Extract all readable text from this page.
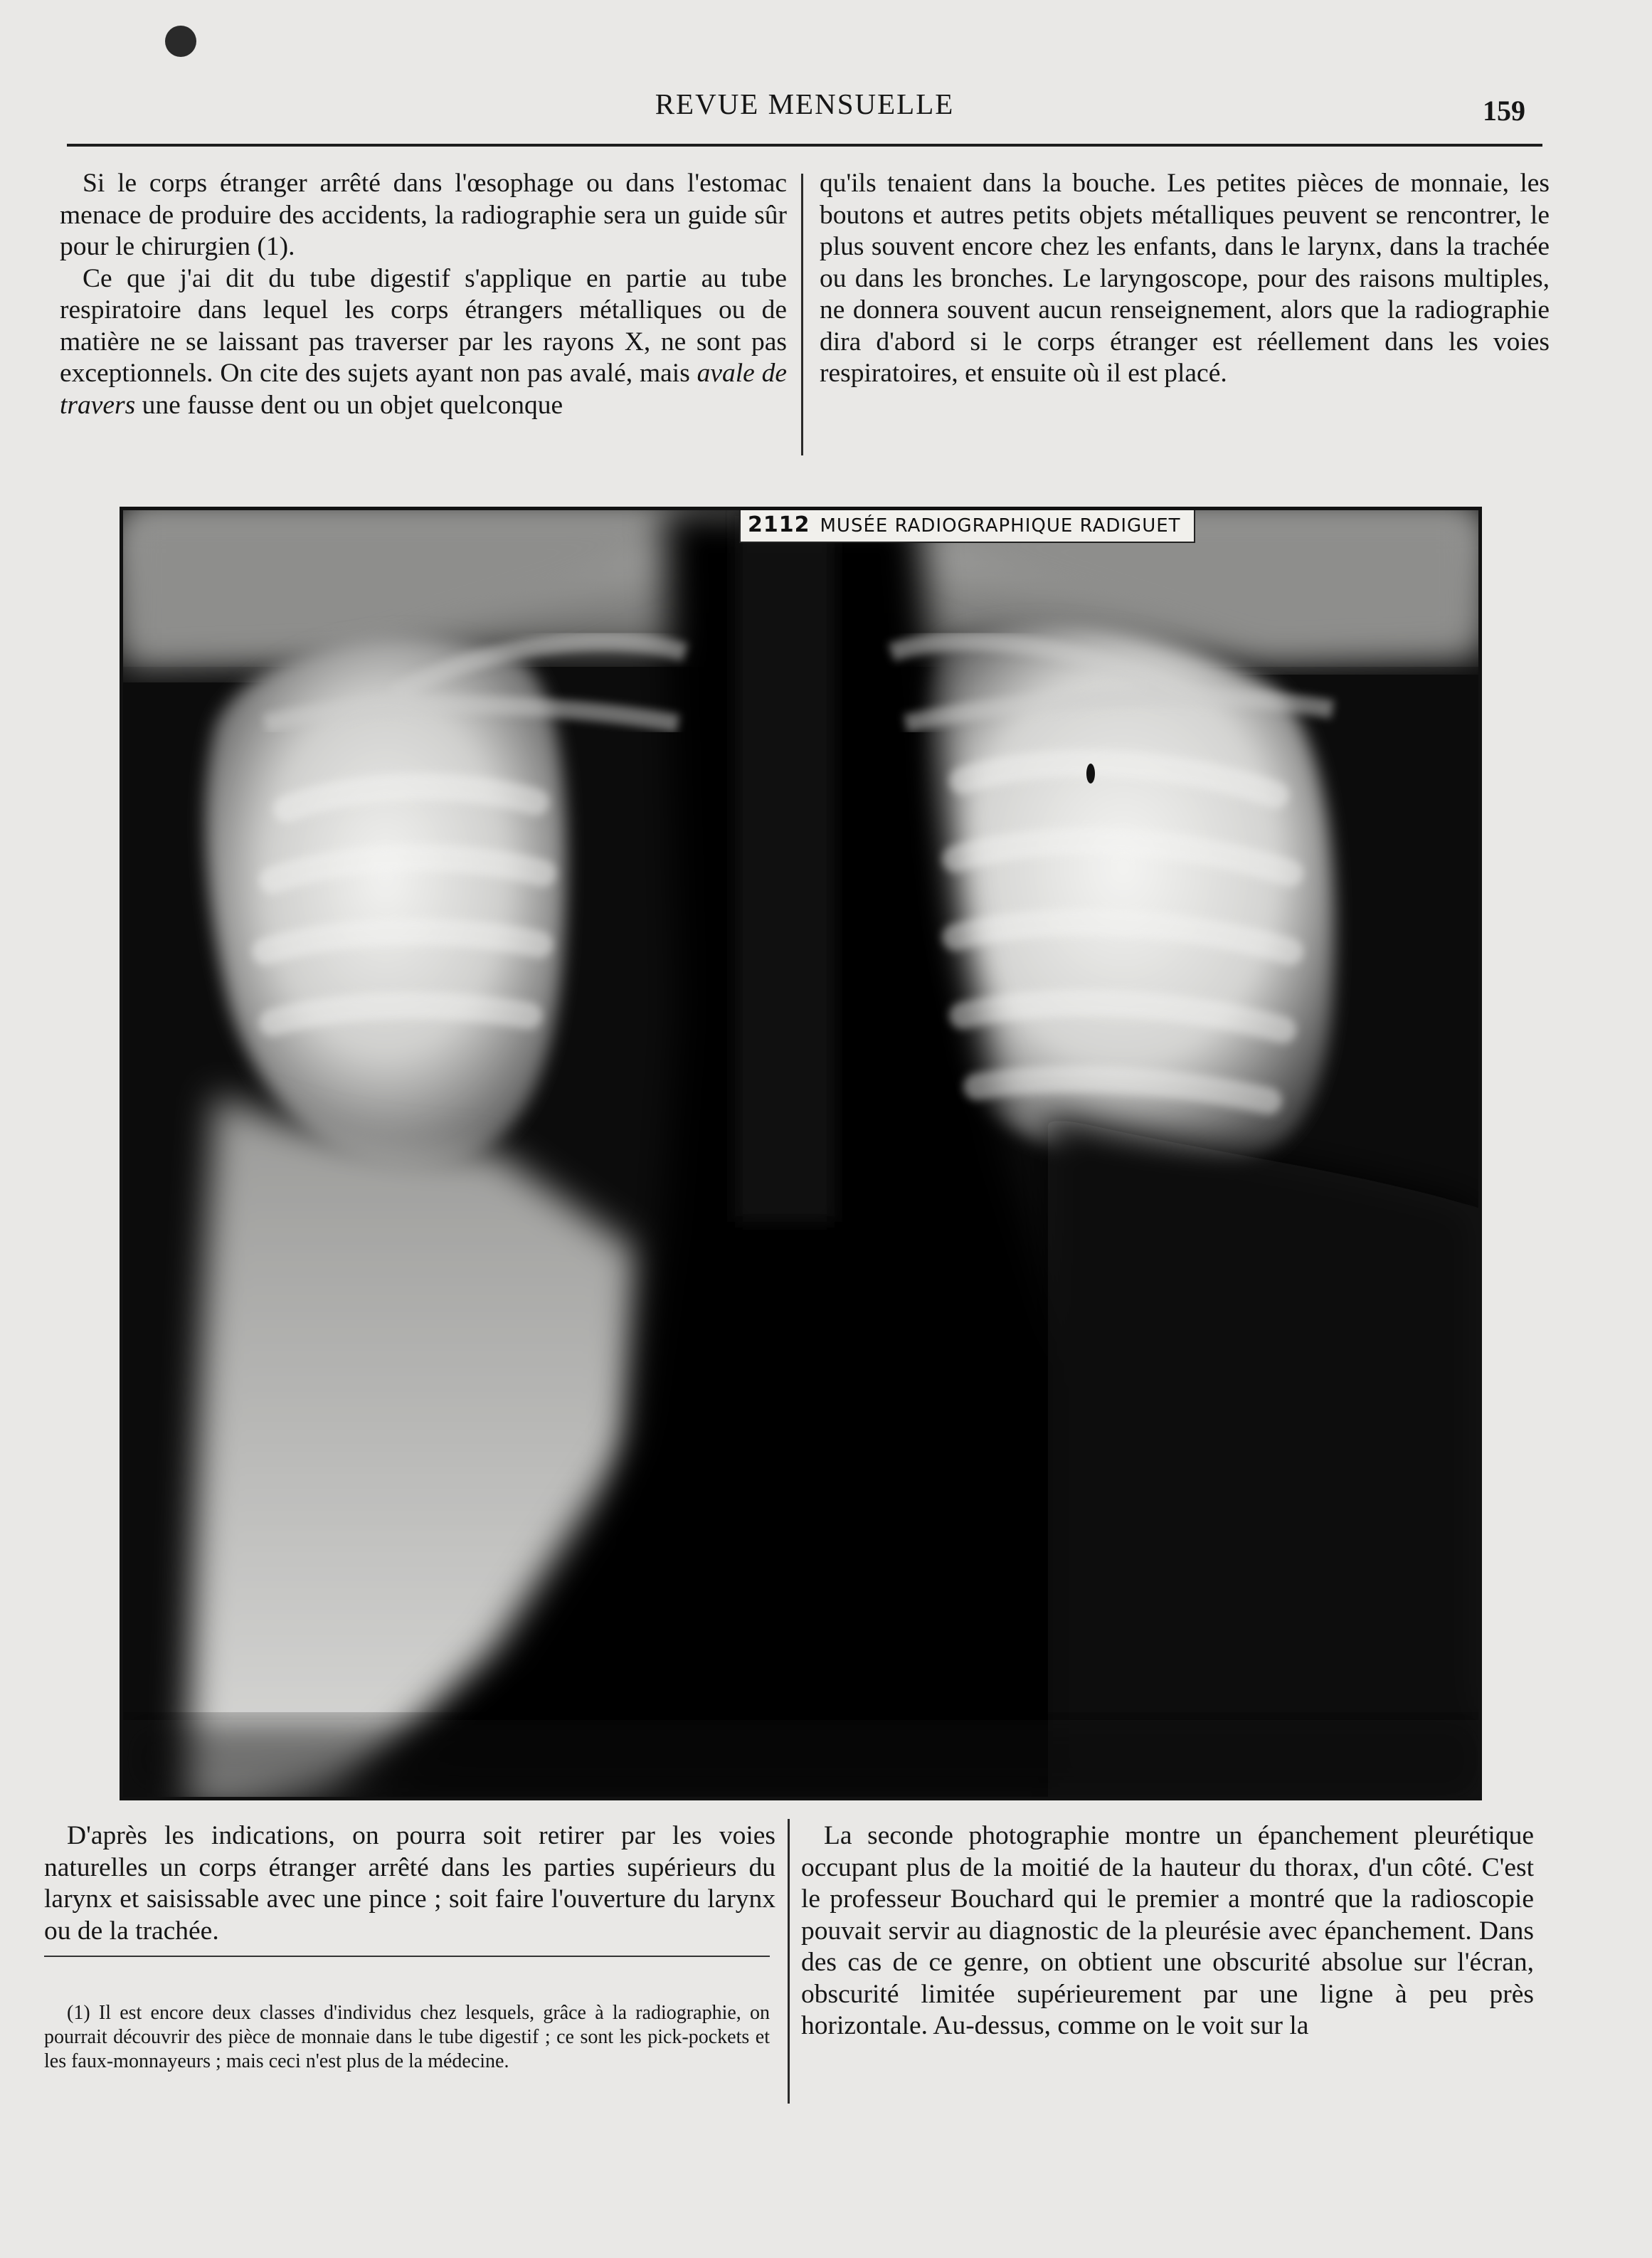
REVUE MENSUELLE	159

Si le corps étranger arrêté dans l'œsophage ou dans l'estomac menace de produire des accidents, la radiographie sera un guide sûr pour le chirurgien (1).

Ce que j'ai dit du tube digestif s'applique en partie au tube respiratoire dans lequel les corps étrangers métalliques ou de matière ne se laissant pas traverser par les rayons X, ne sont pas exceptionnels. On cite des sujets ayant non pas avalé, mais avale de travers une fausse dent ou un objet quelconque

qu'ils tenaient dans la bouche. Les petites pièces de monnaie, les boutons et autres petits objets métalliques peuvent se rencontrer, le plus souvent encore chez les enfants, dans le larynx, dans la trachée ou dans les bronches. Le laryngoscope, pour des raisons multiples, ne donnera souvent aucun renseignement, alors que la radiographie dira d'abord si le corps étranger est réellement dans les voies respiratoires, et ensuite où il est placé.

2112 MUSÉE RADIOGRAPHIQUE RADIGUET

D'après les indications, on pourra soit retirer par les voies naturelles un corps étranger arrêté dans les parties supérieurs du larynx et saisissable avec une pince ; soit faire l'ouverture du larynx ou de la trachée.

(1) Il est encore deux classes d'individus chez lesquels, grâce à la radiographie, on pourrait découvrir des pièce de monnaie dans le tube digestif ; ce sont les pick-pockets et les faux-monnayeurs ; mais ceci n'est plus de la médecine.

La seconde photographie montre un épanchement pleurétique occupant plus de la moitié de la hauteur du thorax, d'un côté. C'est le professeur Bouchard qui le premier a montré que la radioscopie pouvait servir au diagnostic de la pleurésie avec épanchement. Dans des cas de ce genre, on obtient une obscurité absolue sur l'écran, obscurité limitée supérieurement par une ligne à peu près horizontale. Au-dessus, comme on le voit sur la
